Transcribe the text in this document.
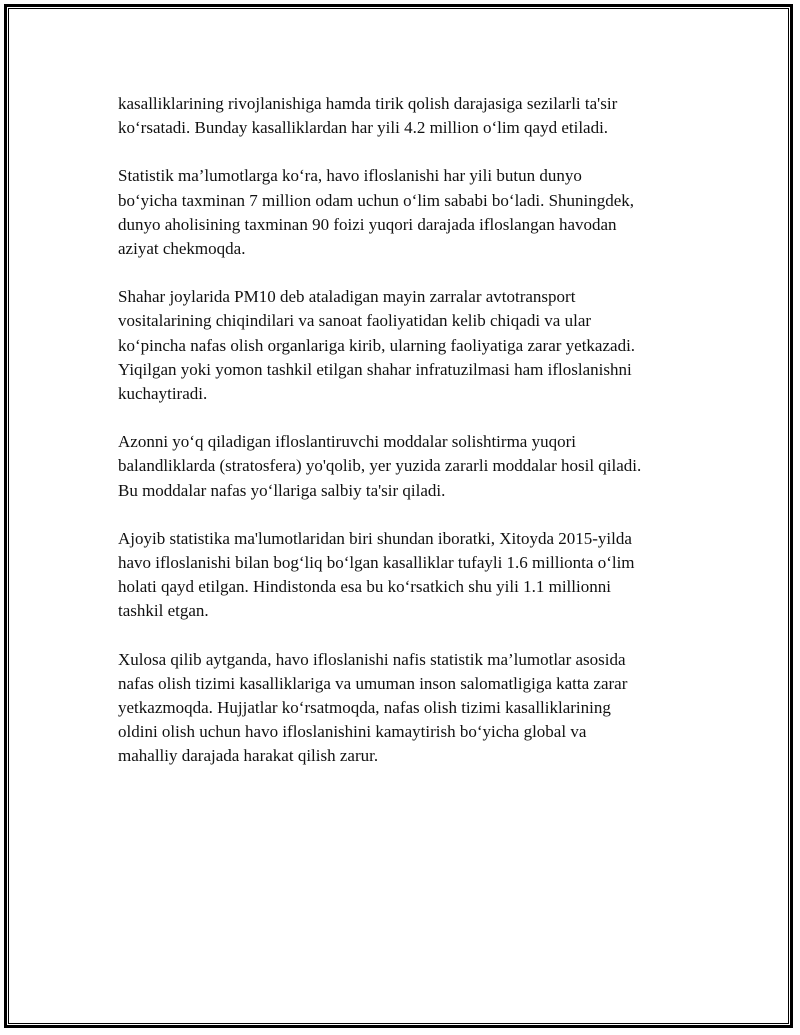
kasalliklarining rivojlanishiga hamda tirik qolish darajasiga sezilarli ta'sir
ko‘rsatadi. Bunday kasalliklardan har yili 4.2 million o‘lim qayd etiladi.

Statistik ma’lumotlarga ko‘ra, havo ifloslanishi har yili butun dunyo
bo‘yicha taxminan 7 million odam uchun o‘lim sababi bo‘ladi. Shuningdek,
dunyo aholisining taxminan 90 foizi yuqori darajada ifloslangan havodan
aziyat chekmoqda.

Shahar joylarida PM10 deb ataladigan mayin zarralar avtotransport
vositalarining chiqindilari va sanoat faoliyatidan kelib chiqadi va ular
ko‘pincha nafas olish organlariga kirib, ularning faoliyatiga zarar yetkazadi.
Yiqilgan yoki yomon tashkil etilgan shahar infratuzilmasi ham ifloslanishni
kuchaytiradi.

Azonni yo‘q qiladigan ifloslantiruvchi moddalar solishtirma yuqori
balandliklarda (stratosfera) yo'qolib, yer yuzida zararli moddalar hosil qiladi.
Bu moddalar nafas yo‘llariga salbiy ta'sir qiladi.

Ajoyib statistika ma'lumotlaridan biri shundan iboratki, Xitoyda 2015-yilda
havo ifloslanishi bilan bog‘liq bo‘lgan kasalliklar tufayli 1.6 millionta o‘lim
holati qayd etilgan. Hindistonda esa bu ko‘rsatkich shu yili 1.1 millionni
tashkil etgan.

Xulosa qilib aytganda, havo ifloslanishi nafis statistik ma’lumotlar asosida
nafas olish tizimi kasalliklariga va umuman inson salomatligiga katta zarar
yetkazmoqda. Hujjatlar ko‘rsatmoqda, nafas olish tizimi kasalliklarining
oldini olish uchun havo ifloslanishini kamaytirish bo‘yicha global va
mahalliy darajada harakat qilish zarur.
